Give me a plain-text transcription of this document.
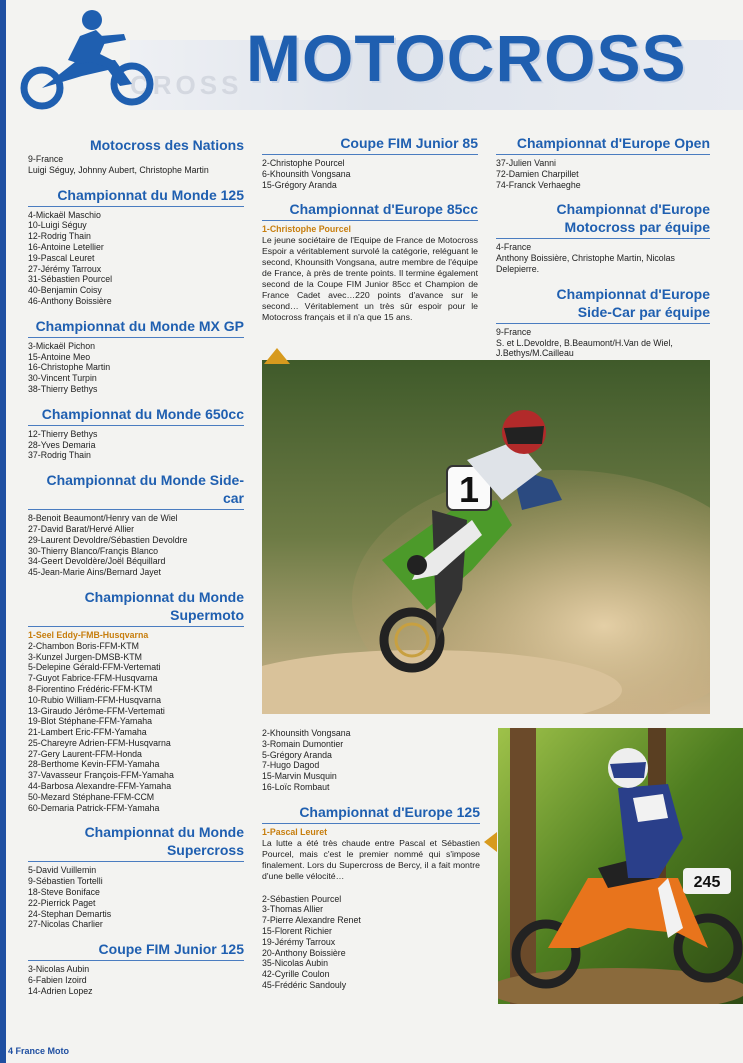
CROSS MOTOCROSS
Motocross des Nations
9-France
Luigi Séguy, Johnny Aubert, Christophe Martin
Championnat du Monde 125
4-Mickaël Maschio
10-Luigi Séguy
12-Rodrig Thain
16-Antoine Letellier
19-Pascal Leuret
27-Jérémy Tarroux
31-Sébastien Pourcel
40-Benjamin Coisy
46-Anthony Boissière
Championnat du Monde MX GP
3-Mickaël Pichon
15-Antoine Meo
16-Christophe Martin
30-Vincent Turpin
38-Thierry Bethys
Championnat du Monde 650cc
12-Thierry Bethys
28-Yves Demaria
37-Rodrig Thain
Championnat du Monde Side-car
8-Benoit Beaumont/Henry van de Wiel
27-David Barat/Hervé Allier
29-Laurent Devoldre/Sébastien Devoldre
30-Thierry Blanco/Françis Blanco
34-Geert Devoldère/Joël Béquillard
45-Jean-Marie Ains/Bernard Jayet
Championnat du Monde
Supermoto
1-Seel Eddy-FMB-Husqvarna
2-Chambon Boris-FFM-KTM
3-Kunzel Jurgen-DMSB-KTM
5-Delepine Gérald-FFM-Vertemati
7-Guyot Fabrice-FFM-Husqvarna
8-Fiorentino Frédéric-FFM-KTM
10-Rubio William-FFM-Husqvarna
13-Giraudo Jérôme-FFM-Vertemati
19-Blot Stéphane-FFM-Yamaha
21-Lambert Eric-FFM-Yamaha
25-Chareyre Adrien-FFM-Husqvarna
27-Gery Laurent-FFM-Honda
28-Berthome Kevin-FFM-Yamaha
37-Vavasseur François-FFM-Yamaha
44-Barbosa Alexandre-FFM-Yamaha
50-Mezard Stéphane-FFM-CCM
60-Demaria Patrick-FFM-Yamaha
Championnat du Monde
Supercross
5-David Vuillemin
9-Sébastien Tortelli
18-Steve Boniface
22-Pierrick Paget
24-Stephan Demartis
27-Nicolas Charlier
Coupe FIM Junior 125
3-Nicolas Aubin
6-Fabien Izoird
14-Adrien Lopez
Coupe FIM Junior 85
2-Christophe Pourcel
6-Khounsith Vongsana
15-Grégory Aranda
Championnat d'Europe 85cc
1-Christophe Pourcel

Le jeune sociétaire de l'Equipe de France de Motocross Espoir a véritablement survolé la catégorie, reléguant le second, Khounsith Vongsana, autre membre de l'équipe de France, à près de trente points. Il termine également second de la Coupe FIM Junior 85cc et Champion de France Cadet avec…220 points d'avance sur le second… Véritablement un très sûr espoir pour le Motocross français et il n'a que 15 ans.

Championnat d'Europe Open
37-Julien Vanni
72-Damien Charpillet
74-Franck Verhaeghe
Championnat d'Europe
Motocross par équipe
4-France
Anthony Boissière, Christophe Martin, Nicolas Delepierre.
Championnat d'Europe
Side-Car par équipe
9-France
S. et L.Devoldre, B.Beaumont/H.Van de Wiel, J.Bethys/M.Cailleau
1
2-Khounsith Vongsana
3-Romain Dumontier
5-Grégory Aranda
7-Hugo Dagod
15-Marvin Musquin
16-Loïc Rombaut
Championnat d'Europe 125
1-Pascal Leuret

La lutte a été très chaude entre Pascal et Sébastien Pourcel, mais c'est le premier nommé qui s'impose finalement. Lors du Supercross de Bercy, il a fait montre d'une belle vélocité…

2-Sébastien Pourcel
3-Thomas Allier
7-Pierre Alexandre Renet
15-Florent Richier
19-Jérémy Tarroux
20-Anthony Boissière
35-Nicolas Aubin
42-Cyrille Coulon
45-Frédéric Sandouly
245
4 France Moto
